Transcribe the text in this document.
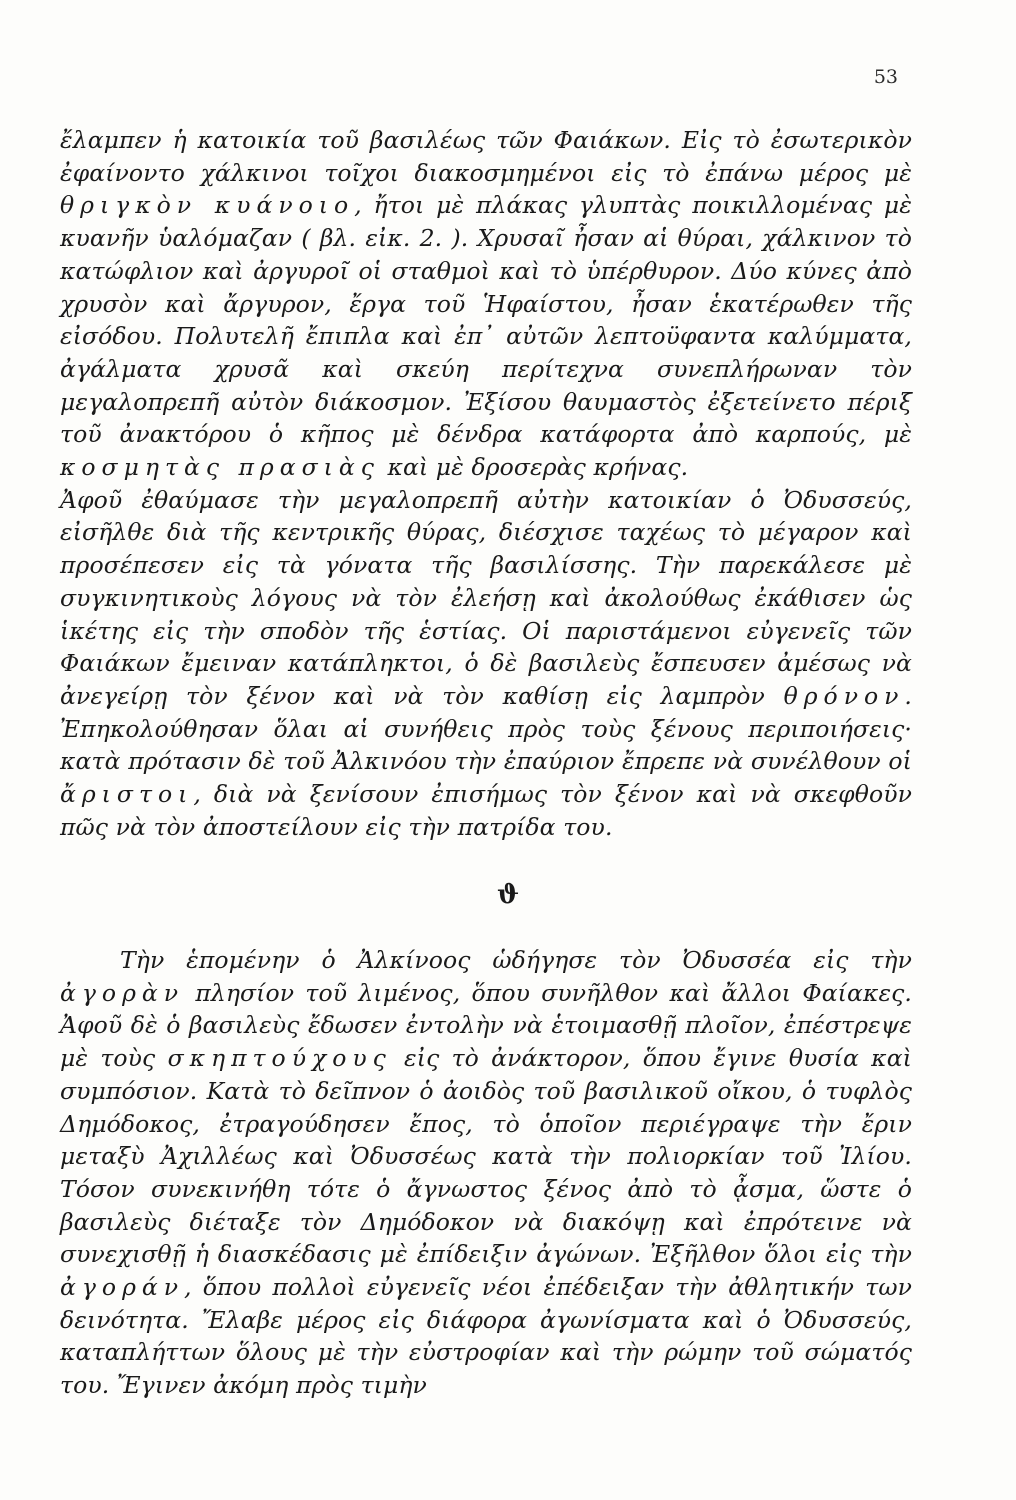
53

ἔλαμπεν ἡ κατοικία τοῦ βασιλέως τῶν Φαιάκων. Εἰς τὸ ἐσωτερικὸν ἐφαίνοντο χάλκινοι τοῖχοι διακοσμημένοι εἰς τὸ ἐπάνω μέρος μὲ θριγκὸν κυάνοιο, ἤτοι μὲ πλάκας γλυπτὰς ποικιλλομένας μὲ κυανῆν ὑαλόμαζαν ( βλ. εἰκ. 2. ). Χρυσαῖ ἦσαν αἱ θύραι, χάλκινον τὸ κατώφλιον καὶ ἀργυροῖ οἱ σταθμοὶ καὶ τὸ ὑπέρθυρον. Δύο κύνες ἀπὸ χρυσὸν καὶ ἄργυρον, ἔργα τοῦ Ἡφαίστου, ἦσαν ἑκατέρωθεν τῆς εἰσόδου. Πολυτελῆ ἔπιπλα καὶ ἐπ᾽ αὐτῶν λεπτοϋφαντα καλύμματα, ἀγάλματα χρυσᾶ καὶ σκεύη περίτεχνα συνεπλήρωναν τὸν μεγαλοπρεπῆ αὐτὸν διάκοσμον. Ἐξίσου θαυμαστὸς ἐξετείνετο πέριξ τοῦ ἀνακτόρου ὁ κῆπος μὲ δένδρα κατάφορτα ἀπὸ καρπούς, μὲ κοσμητὰς πρασιὰς καὶ μὲ δροσερὰς κρήνας.

Ἀφοῦ ἐθαύμασε τὴν μεγαλοπρεπῆ αὐτὴν κατοικίαν ὁ Ὀδυσσεύς, εἰσῆλθε διὰ τῆς κεντρικῆς θύρας, διέσχισε ταχέως τὸ μέγαρον καὶ προσέπεσεν εἰς τὰ γόνατα τῆς βασιλίσσης. Τὴν παρεκάλεσε μὲ συγκινητικοὺς λόγους νὰ τὸν ἐλεήσῃ καὶ ἀκολούθως ἐκάθισεν ὡς ἱκέτης εἰς τὴν σποδὸν τῆς ἑστίας. Οἱ παριστάμενοι εὐγενεῖς τῶν Φαιάκων ἔμειναν κατάπληκτοι, ὁ δὲ βασιλεὺς ἔσπευσεν ἀμέσως νὰ ἀνεγείρῃ τὸν ξένον καὶ νὰ τὸν καθίσῃ εἰς λαμπρὸν θρόνον. Ἐπηκολούθησαν ὅλαι αἱ συνήθεις πρὸς τοὺς ξένους περιποιήσεις· κατὰ πρότασιν δὲ τοῦ Ἀλκινόου τὴν ἐπαύριον ἔπρεπε νὰ συνέλθουν οἱ ἄριστοι, διὰ νὰ ξενίσουν ἐπισήμως τὸν ξένον καὶ νὰ σκεφθοῦν πῶς νὰ τὸν ἀποστείλουν εἰς τὴν πατρίδα του.

ϑ

Τὴν ἑπομένην ὁ Ἀλκίνοος ὡδήγησε τὸν Ὀδυσσέα εἰς τὴν ἀγορὰν πλησίον τοῦ λιμένος, ὅπου συνῆλθον καὶ ἄλλοι Φαίακες. Ἀφοῦ δὲ ὁ βασιλεὺς ἔδωσεν ἐντολὴν νὰ ἑτοιμασθῇ πλοῖον, ἐπέστρεψε μὲ τοὺς σκηπτούχους εἰς τὸ ἀνάκτορον, ὅπου ἔγινε θυσία καὶ συμπόσιον. Κατὰ τὸ δεῖπνον ὁ ἀοιδὸς τοῦ βασιλικοῦ οἴκου, ὁ τυφλὸς Δημόδοκος, ἐτραγούδησεν ἔπος, τὸ ὁποῖον περιέγραψε τὴν ἔριν μεταξὺ Ἀχιλλέως καὶ Ὀδυσσέως κατὰ τὴν πολιορκίαν τοῦ Ἰλίου. Τόσον συνεκινήθη τότε ὁ ἄγνωστος ξένος ἀπὸ τὸ ᾆσμα, ὥστε ὁ βασιλεὺς διέταξε τὸν Δημόδοκον νὰ διακόψῃ καὶ ἐπρότεινε νὰ συνεχισθῇ ἡ διασκέδασις μὲ ἐπίδειξιν ἀγώνων. Ἐξῆλθον ὅλοι εἰς τὴν ἀγοράν, ὅπου πολλοὶ εὐγενεῖς νέοι ἐπέδειξαν τὴν ἀθλητικήν των δεινότητα. Ἔλαβε μέρος εἰς διάφορα ἀγωνίσματα καὶ ὁ Ὀδυσσεύς, καταπλήττων ὅλους μὲ τὴν εὐστροφίαν καὶ τὴν ρώμην τοῦ σώματός του. Ἔγινεν ἀκόμη πρὸς τιμὴν
